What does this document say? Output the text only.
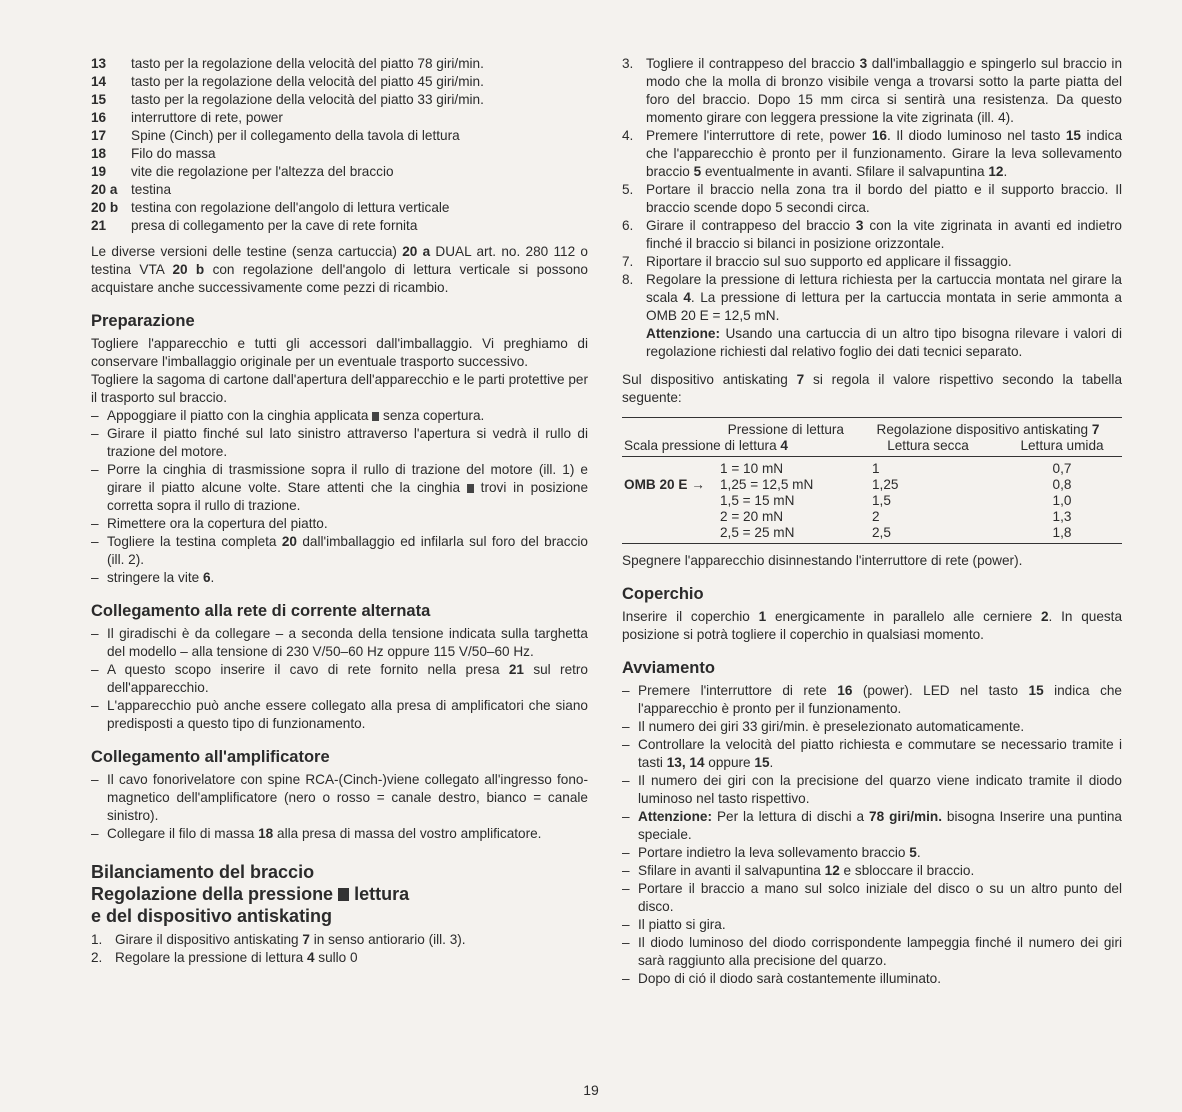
13	tasto per la regolazione della velocità del piatto 78 giri/min.
14	tasto per la regolazione della velocità del piatto 45 giri/min.
15	tasto per la regolazione della velocità del piatto 33 giri/min.
16	interruttore di rete, power
17	Spine (Cinch) per il collegamento della tavola di lettura
18	Filo do massa
19	vite die regolazione per l'altezza del braccio
20 a testina
20 b testina con regolazione dell'angolo di lettura verticale
21	presa di collegamento per la cave di rete fornita

Le diverse versioni delle testine (senza cartuccia) 20 a DUAL art. no. 280 112 o testina VTA 20 b con regolazione dell'angolo di lettura verticale si possono acquistare anche successivamente come pezzi di ricambio.

Preparazione

Togliere l'apparecchio e tutti gli accessori dall'imballaggio. Vi preghiamo di conservare l'imballaggio originale per un eventuale trasporto successivo.

Togliere la sagoma di cartone dall'apertura dell'apparecchio e le parti protettive per il trasporto sul braccio.

– Appoggiare il piatto con la cinghia applicata  senza copertura.
– Girare il piatto finché sul lato sinistro attraverso l'apertura si vedrà il rullo di trazione del motore.
– Porre la cinghia di trasmissione sopra il rullo di trazione del motore (ill. 1) e girare il piatto alcune volte. Stare attenti che la cinghia  trovi in posizione corretta sopra il rullo di trazione.
– Rimettere ora la copertura del piatto.
– Togliere la testina completa 20 dall'imballaggio ed infilarla sul foro del braccio (ill. 2).
– stringere la vite 6.
Collegamento alla rete di corrente alternata
– Il giradischi è da collegare – a seconda della tensione indicata sulla targhetta del modello – alla tensione di 230 V/50–60 Hz oppure 115 V/50–60 Hz.
– A questo scopo inserire il cavo di rete fornito nella presa 21 sul retro dell'apparecchio.
– L'apparecchio può anche essere collegato alla presa di amplificatori che siano predisposti a questo tipo di funzionamento.
Collegamento all'amplificatore
– Il cavo fonorivelatore con spine RCA-(Cinch-)viene collegato all'ingresso fono-magnetico dell'amplificatore (nero o rosso = canale destro, bianco = canale sinistro).
– Collegare il filo di massa 18 alla presa di massa del vostro amplificatore.
Bilanciamento del braccio
Regolazione della pressione  lettura
e del dispositivo antiskating
1. Girare il dispositivo antiskating 7 in senso antiorario (ill. 3).
2. Regolare la pressione di lettura 4 sullo 0
3. Togliere il contrappeso del braccio 3 dall'imballaggio e spingerlo sul braccio in modo che la molla di bronzo visibile venga a trovarsi sotto la parte piatta del foro del braccio. Dopo 15 mm circa si sentirà una resistenza. Da questo momento girare con leggera pressione la vite zigrinata (ill. 4).
4. Premere l'interruttore di rete, power 16. Il diodo luminoso nel tasto 15 indica che l'apparecchio è pronto per il funzionamento. Girare la leva sollevamento braccio 5 eventualmente in avanti. Sfilare il salvapuntina 12.
5. Portare il braccio nella zona tra il bordo del piatto e il supporto braccio. Il braccio scende dopo 5 secondi circa.
6. Girare il contrappeso del braccio 3 con la vite zigrinata in avanti ed indietro finché il braccio si bilanci in posizione orizzontale.
7. Riportare il braccio sul suo supporto ed applicare il fissaggio.
8. Regolare la pressione di lettura richiesta per la cartuccia montata nel girare la scala 4. La pressione di lettura per la cartuccia montata in serie ammonta a OMB 20 E = 12,5 mN.
Attenzione: Usando una cartuccia di un altro tipo bisogna rilevare i valori di regolazione richiesti dal relativo foglio dei dati tecnici separato.

Sul dispositivo antiskating 7 si regola il valore rispettivo secondo la tabella seguente:

Pressione di lettura		Regolazione dispositivo antiskating 7	
Scala pressione di lettura 4		Lettura secca	Lettura umida
	1 = 10 mN	1	0,7
OMB 20 E →	1,25 = 12,5 mN	1,25	0,8
	1,5 = 15 mN	1,5	1,0
	2 = 20 mN	2	1,3
	2,5 = 25 mN	2,5	1,8

Spegnere l'apparecchio disinnestando l'interruttore di rete (power).

Coperchio

Inserire il coperchio 1 energicamente in parallelo alle cerniere 2. In questa posizione si potrà togliere il coperchio in qualsiasi momento.

Avviamento
– Premere l'interruttore di rete 16 (power). LED nel tasto 15 indica che l'apparecchio è pronto per il funzionamento.
– Il numero dei giri 33 giri/min. è preselezionato automaticamente.
– Controllare la velocità del piatto richiesta e commutare se necessario tramite i tasti 13, 14 oppure 15.
– Il numero dei giri con la precisione del quarzo viene indicato tramite il diodo luminoso nel tasto rispettivo.
– Attenzione: Per la lettura di dischi a 78 giri/min. bisogna Inserire una puntina speciale.
– Portare indietro la leva sollevamento braccio 5.
– Sfilare in avanti il salvapuntina 12 e sbloccare il braccio.
– Portare il braccio a mano sul solco iniziale del disco o su un altro punto del disco.
– Il piatto si gira.
– Il diodo luminoso del diodo corrispondente lampeggia finché il numero dei giri sarà raggiunto alla precisione del quarzo.
– Dopo di ció il diodo sarà costantemente illuminato.
19
